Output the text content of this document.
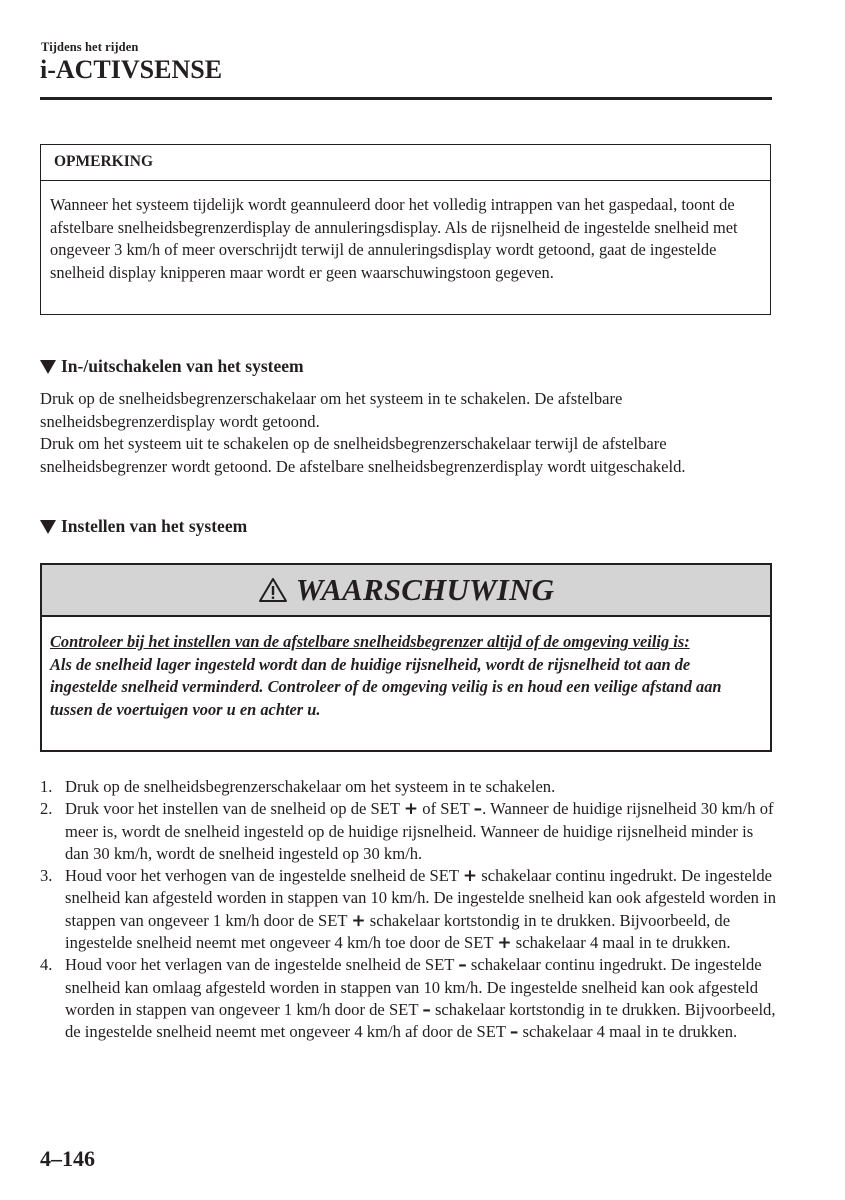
Tijdens het rijden
i-ACTIVSENSE
OPMERKING
Wanneer het systeem tijdelijk wordt geannuleerd door het volledig intrappen van het gaspedaal, toont de afstelbare snelheidsbegrenzerdisplay de annuleringsdisplay. Als de rijsnelheid de ingestelde snelheid met ongeveer 3 km/h of meer overschrijdt terwijl de annuleringsdisplay wordt getoond, gaat de ingestelde snelheid display knipperen maar wordt er geen waarschuwingstoon gegeven.
In-/uitschakelen van het systeem

Druk op de snelheidsbegrenzerschakelaar om het systeem in te schakelen. De afstelbare snelheidsbegrenzerdisplay wordt getoond.

Druk om het systeem uit te schakelen op de snelheidsbegrenzerschakelaar terwijl de afstelbare snelheidsbegrenzer wordt getoond. De afstelbare snelheidsbegrenzerdisplay wordt uitgeschakeld.

Instellen van het systeem
WAARSCHUWING
Controleer bij het instellen van de afstelbare snelheidsbegrenzer altijd of de omgeving veilig is:
Als de snelheid lager ingesteld wordt dan de huidige rijsnelheid, wordt de rijsnelheid tot aan de ingestelde snelheid verminderd. Controleer of de omgeving veilig is en houd een veilige afstand aan tussen de voertuigen voor u en achter u.
1. Druk op de snelheidsbegrenzerschakelaar om het systeem in te schakelen.
2. Druk voor het instellen van de snelheid op de SET + of SET –. Wanneer de huidige rijsnelheid 30 km/h of meer is, wordt de snelheid ingesteld op de huidige rijsnelheid. Wanneer de huidige rijsnelheid minder is dan 30 km/h, wordt de snelheid ingesteld op 30 km/h.
3. Houd voor het verhogen van de ingestelde snelheid de SET + schakelaar continu ingedrukt. De ingestelde snelheid kan afgesteld worden in stappen van 10 km/h. De ingestelde snelheid kan ook afgesteld worden in stappen van ongeveer 1 km/h door de SET + schakelaar kortstondig in te drukken. Bijvoorbeeld, de ingestelde snelheid neemt met ongeveer 4 km/h toe door de SET + schakelaar 4 maal in te drukken.
4. Houd voor het verlagen van de ingestelde snelheid de SET – schakelaar continu ingedrukt. De ingestelde snelheid kan omlaag afgesteld worden in stappen van 10 km/h. De ingestelde snelheid kan ook afgesteld worden in stappen van ongeveer 1 km/h door de SET – schakelaar kortstondig in te drukken. Bijvoorbeeld, de ingestelde snelheid neemt met ongeveer 4 km/h af door de SET – schakelaar 4 maal in te drukken.
4–146
